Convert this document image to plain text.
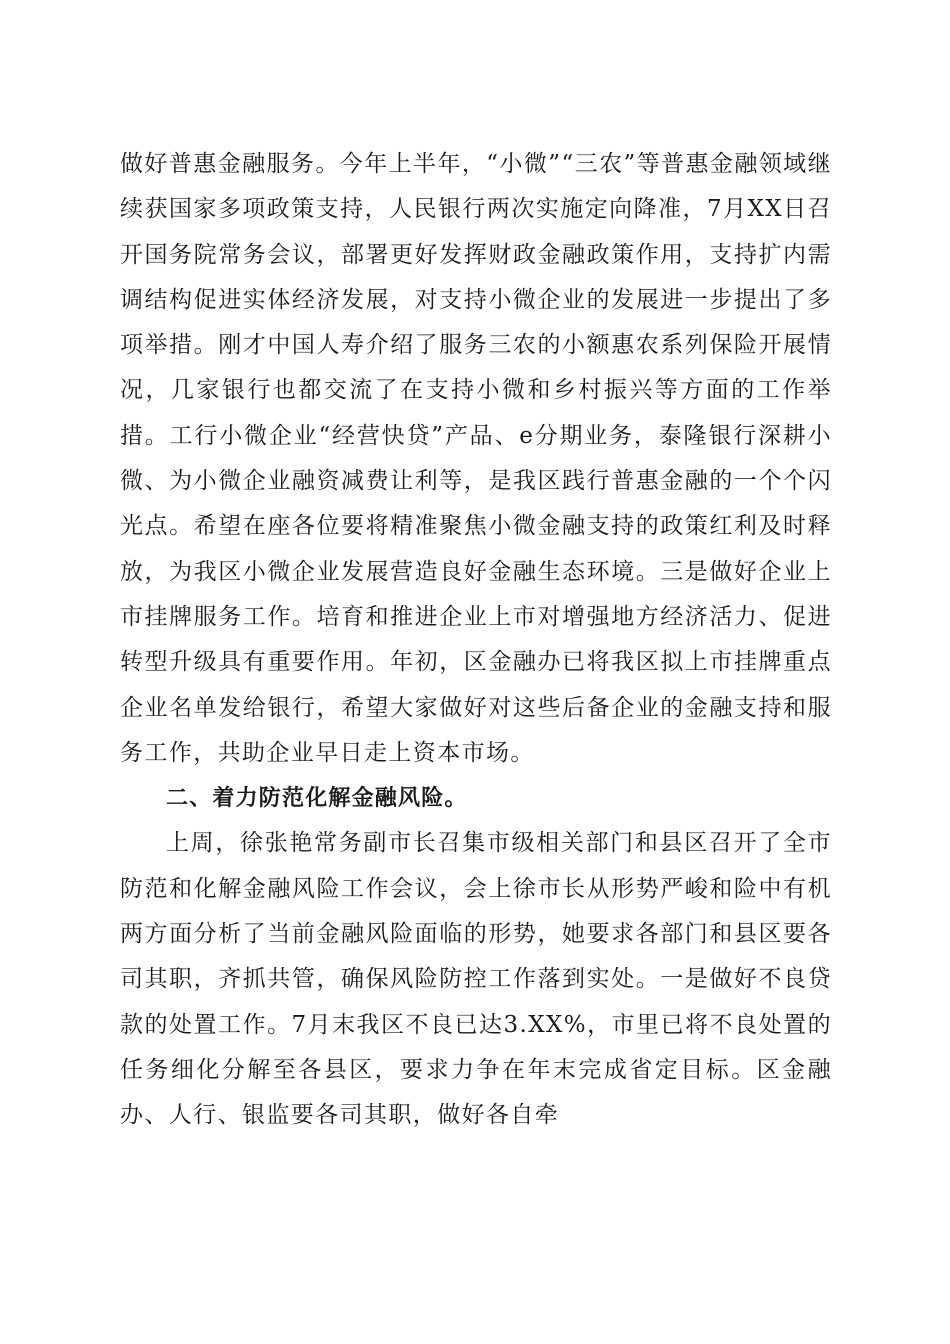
做好普惠金融服务。今年上半年，“小微”“三农”等普惠金融领域继续获国家多项政策支持，人民银行两次实施定向降准，7月XX日召开国务院常务会议，部署更好发挥财政金融政策作用，支持扩内需调结构促进实体经济发展，对支持小微企业的发展进一步提出了多项举措。刚才中国人寿介绍了服务三农的小额惠农系列保险开展情况，几家银行也都交流了在支持小微和乡村振兴等方面的工作举措。工行小微企业“经营快贷”产品、e分期业务，泰隆银行深耕小微、为小微企业融资减费让利等，是我区践行普惠金融的一个个闪光点。希望在座各位要将精准聚焦小微金融支持的政策红利及时释放，为我区小微企业发展营造良好金融生态环境。三是做好企业上市挂牌服务工作。培育和推进企业上市对增强地方经济活力、促进转型升级具有重要作用。年初，区金融办已将我区拟上市挂牌重点企业名单发给银行，希望大家做好对这些后备企业的金融支持和服务工作，共助企业早日走上资本市场。

二、着力防范化解金融风险。

上周，徐张艳常务副市长召集市级相关部门和县区召开了全市防范和化解金融风险工作会议，会上徐市长从形势严峻和险中有机两方面分析了当前金融风险面临的形势，她要求各部门和县区要各司其职，齐抓共管，确保风险防控工作落到实处。一是做好不良贷款的处置工作。7月末我区不良已达3.XX%，市里已将不良处置的任务细化分解至各县区，要求力争在年末完成省定目标。区金融办、人行、银监要各司其职，做好各自牵
